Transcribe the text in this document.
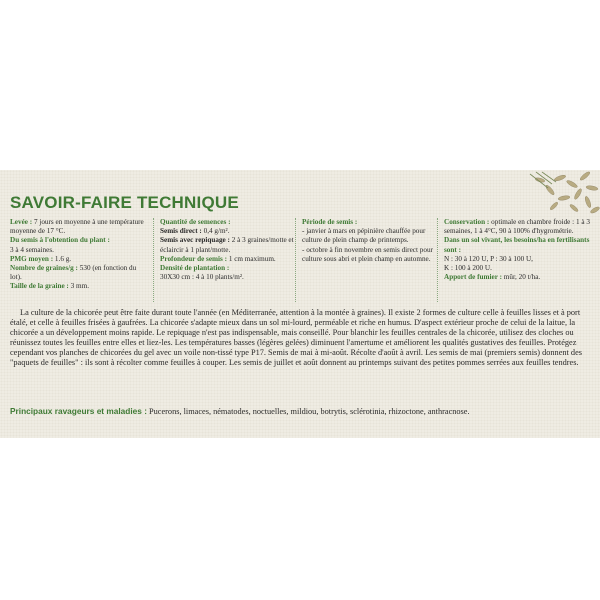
SAVOIR-FAIRE TECHNIQUE
Levée : 7 jours en moyenne à une température moyenne de 17 °C.
Du semis à l'obtention du plant :
3 à 4 semaines.
PMG moyen : 1.6 g.
Nombre de graines/g : 530 (en fonction du lot).
Taille de la graine : 3 mm.
Quantité de semences :
Semis direct : 0,4 g/m².
Semis avec repiquage : 2 à 3 graines/motte et éclaircir à 1 plant/motte.
Profondeur de semis : 1 cm maximum.

Densité de plantation :
30X30 cm : 4 à 10 plants/m².
Période de semis :
- janvier à mars en pépinière chauffée pour culture de plein champ de printemps.
- octobre à fin novembre en semis direct pour culture sous abri et plein champ en automne.
Conservation : optimale en chambre froide : 1 à 3 semaines, 1 à 4°C, 90 à 100% d'hygrométrie.

Dans un sol vivant, les besoins/ha en fertilisants sont :
N : 30 à 120 U, P : 30 à 100 U,
K : 100 à 200 U.
Apport de fumier : mûr, 20 t/ha.

La culture de la chicorée peut être faite durant toute l'année (en Méditerranée, attention à la montée à graines). Il existe 2 formes de culture celle à feuilles lisses et à port étalé, et celle à feuilles frisées à gaufrées. La chicorée s'adapte mieux dans un sol mi-lourd, perméable et riche en humus. D'aspect extérieur proche de celui de la laitue, la chicorée a un développement moins rapide. Le repiquage n'est pas indispensable, mais conseillé. Pour blanchir les feuilles centrales de la chicorée, utilisez des cloches ou réunissez toutes les feuilles entre elles et liez-les. Les températures basses (légères gelées) diminuent l'amertume et améliorent les qualités gustatives des feuilles. Protégez cependant vos planches de chicorées du gel avec un voile non-tissé type P17. Semis de mai à mi-août. Récolte d'août à avril. Les semis de mai (premiers semis) donnent des "paquets de feuilles" : ils sont à récolter comme feuilles à couper. Les semis de juillet et août donnent au printemps suivant des petites pommes serrées aux feuilles tendres.

Principaux ravageurs et maladies : Pucerons, limaces, nématodes, noctuelles, mildiou, botrytis, sclérotinia, rhizoctone, anthracnose.
